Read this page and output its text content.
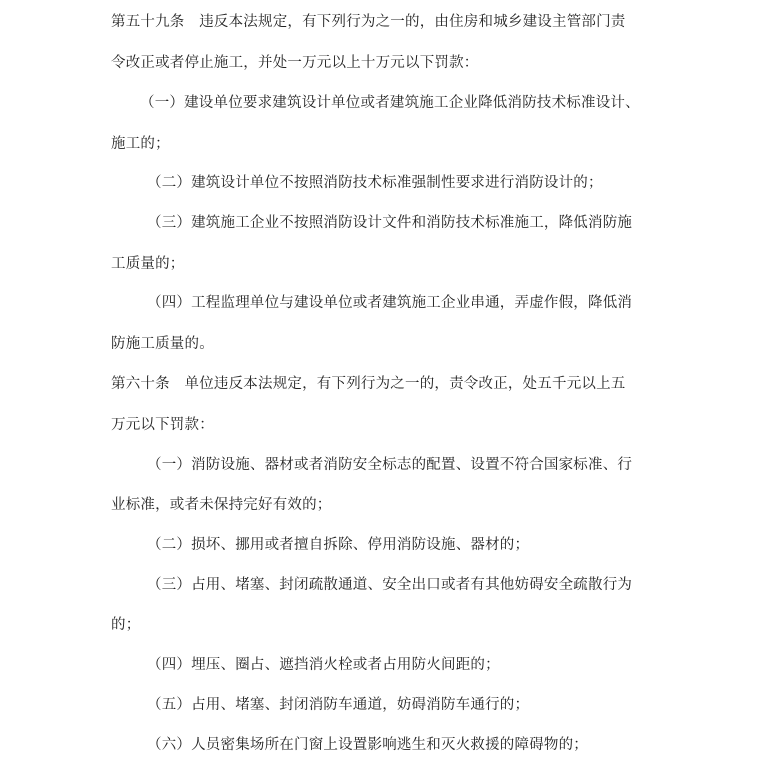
第五十九条　违反本法规定，有下列行为之一的，由住房和城乡建设主管部门责
令改正或者停止施工，并处一万元以上十万元以下罚款：
（一）建设单位要求建筑设计单位或者建筑施工企业降低消防技术标准设计、
施工的；
（二）建筑设计单位不按照消防技术标准强制性要求进行消防设计的；
（三）建筑施工企业不按照消防设计文件和消防技术标准施工，降低消防施
工质量的；
（四）工程监理单位与建设单位或者建筑施工企业串通，弄虚作假，降低消
防施工质量的。
第六十条　单位违反本法规定，有下列行为之一的，责令改正，处五千元以上五
万元以下罚款：
（一）消防设施、器材或者消防安全标志的配置、设置不符合国家标准、行
业标准，或者未保持完好有效的；
（二）损坏、挪用或者擅自拆除、停用消防设施、器材的；
（三）占用、堵塞、封闭疏散通道、安全出口或者有其他妨碍安全疏散行为
的；
（四）埋压、圈占、遮挡消火栓或者占用防火间距的；
（五）占用、堵塞、封闭消防车通道，妨碍消防车通行的；
（六）人员密集场所在门窗上设置影响逃生和灭火救援的障碍物的；
